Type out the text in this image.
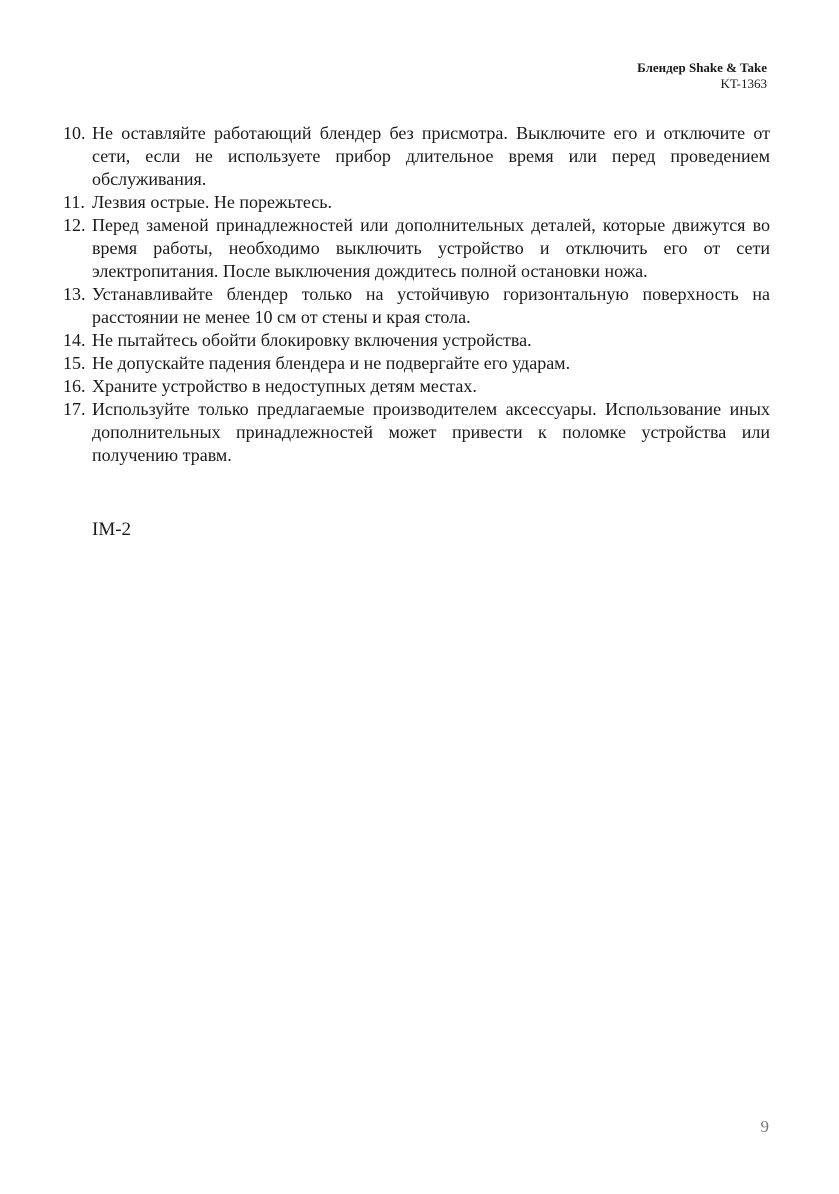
Блендер Shake & Take
KT-1363
10. Не оставляйте работающий блендер без присмотра. Выключите его и отключите от сети, если не используете прибор длительное время или перед проведением обслуживания.
11. Лезвия острые. Не порежьтесь.
12. Перед заменой принадлежностей или дополнительных деталей, которые движутся во время работы, необходимо выключить устройство и отключить его от сети электропитания. После выключения дождитесь полной остановки ножа.
13. Устанавливайте блендер только на устойчивую горизонтальную поверхность на расстоянии не менее 10 см от стены и края стола.
14. Не пытайтесь обойти блокировку включения устройства.
15. Не допускайте падения блендера и не подвергайте его ударам.
16. Храните устройство в недоступных детям местах.
17. Используйте только предлагаемые производителем аксессуары. Использование иных дополнительных принадлежностей может привести к поломке устройства или получению травм.
IM-2
9
